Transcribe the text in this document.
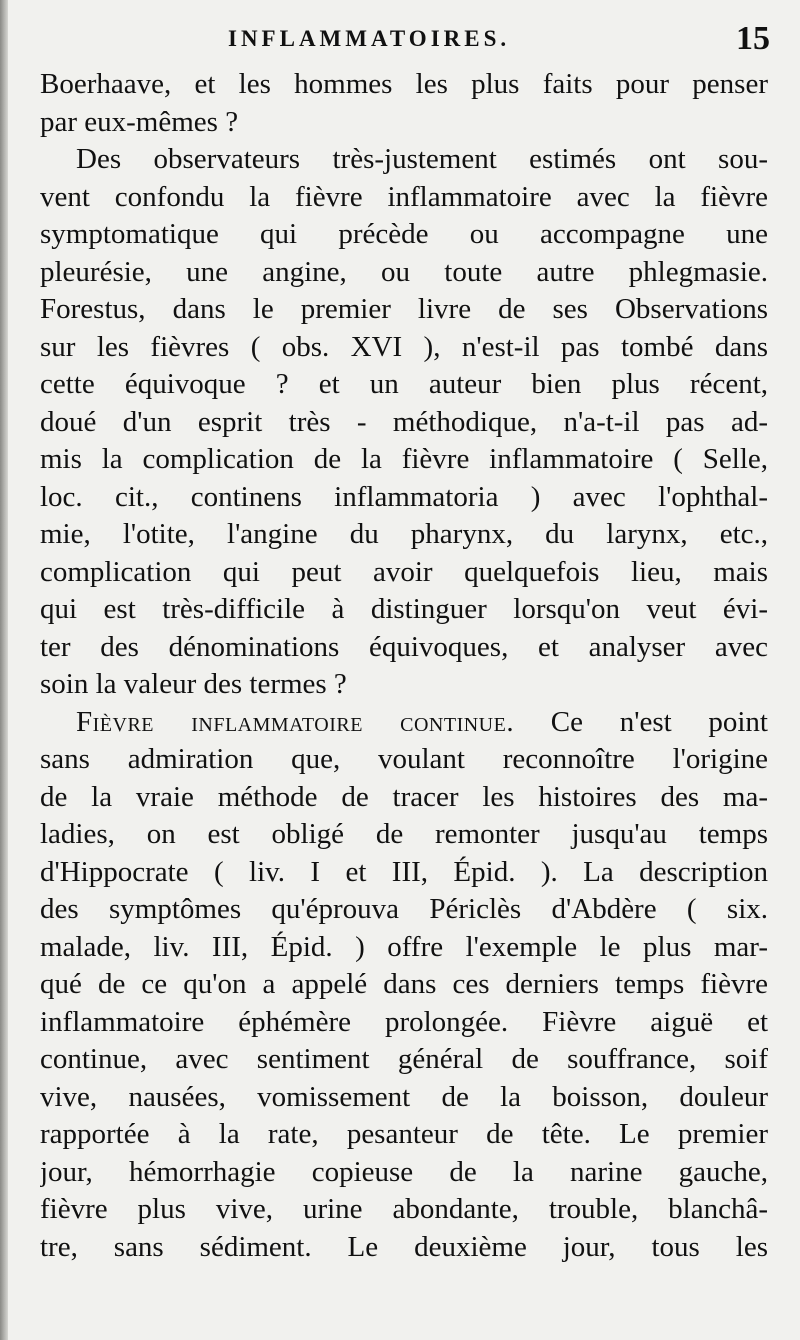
INFLAMMATOIRES.	15
Boerhaave, et les hommes les plus faits pour penser
par eux-mêmes ?
Des observateurs très-justement estimés ont sou-
vent confondu la fièvre inflammatoire avec la fièvre
symptomatique qui précède ou accompagne une
pleurésie, une angine, ou toute autre phlegmasie.
Forestus, dans le premier livre de ses Observations
sur les fièvres ( obs. XVI ), n'est-il pas tombé dans
cette équivoque ? et un auteur bien plus récent,
doué d'un esprit très - méthodique, n'a-t-il pas ad-
mis la complication de la fièvre inflammatoire ( Selle,
loc. cit., continens inflammatoria ) avec l'ophthal-
mie, l'otite, l'angine du pharynx, du larynx, etc.,
complication qui peut avoir quelquefois lieu, mais
qui est très-difficile à distinguer lorsqu'on veut évi-
ter des dénominations équivoques, et analyser avec
soin la valeur des termes ?
Fièvre inflammatoire continue. Ce n'est point
sans admiration que, voulant reconnoître l'origine
de la vraie méthode de tracer les histoires des ma-
ladies, on est obligé de remonter jusqu'au temps
d'Hippocrate ( liv. I et III, Épid. ). La description
des symptômes qu'éprouva Périclès d'Abdère ( six.
malade, liv. III, Épid. ) offre l'exemple le plus mar-
qué de ce qu'on a appelé dans ces derniers temps fièvre
inflammatoire éphémère prolongée. Fièvre aiguë et
continue, avec sentiment général de souffrance, soif
vive, nausées, vomissement de la boisson, douleur
rapportée à la rate, pesanteur de tête. Le premier
jour, hémorrhagie copieuse de la narine gauche,
fièvre plus vive, urine abondante, trouble, blanchâ-
tre, sans sédiment. Le deuxième jour, tous les
